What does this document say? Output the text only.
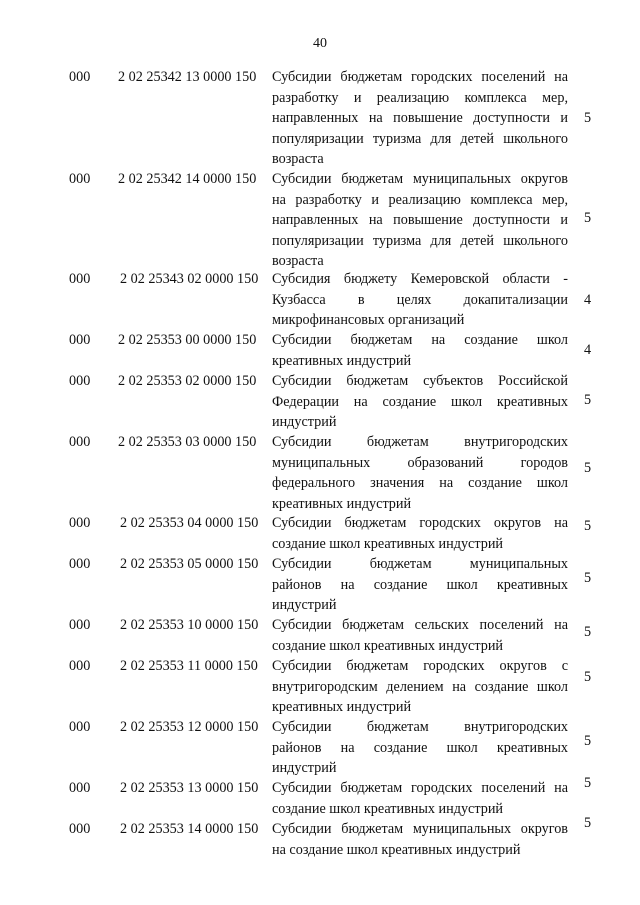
40
000 2 02 25342 13 0000 150 Субсидии бюджетам городских поселений на
разработку и реализацию комплекса мер,
направленных на повышение доступности и
популяризации туризма для детей школьного
возраста
5
000 2 02 25342 14 0000 150 Субсидии бюджетам муниципальных округов
на разработку и реализацию комплекса мер,
направленных на повышение доступности и
популяризации туризма для детей школьного
возраста
5
000 2 02 25343 02 0000 150 Субсидия бюджету Кемеровской области -
Кузбасса в целях докапитализации
микрофинансовых организаций
4
000 2 02 25353 00 0000 150 Субсидии бюджетам на создание школ
креативных индустрий
4
000 2 02 25353 02 0000 150 Субсидии бюджетам субъектов Российской
Федерации на создание школ креативных
индустрий
5
000 2 02 25353 03 0000 150 Субсидии бюджетам внутригородских
муниципальных образований городов
федерального значения на создание школ
креативных индустрий
5
000 2 02 25353 04 0000 150 Субсидии бюджетам городских округов на
создание школ креативных индустрий
5
000 2 02 25353 05 0000 150 Субсидии бюджетам муниципальных
районов на создание школ креативных
индустрий
5
000 2 02 25353 10 0000 150 Субсидии бюджетам сельских поселений на
создание школ креативных индустрий
5
000 2 02 25353 11 0000 150 Субсидии бюджетам городских округов с
внутригородским делением на создание школ
креативных индустрий
5
000 2 02 25353 12 0000 150 Субсидии бюджетам внутригородских
районов на создание школ креативных
индустрий
5
000 2 02 25353 13 0000 150 Субсидии бюджетам городских поселений на
создание школ креативных индустрий
5
000 2 02 25353 14 0000 150 Субсидии бюджетам муниципальных округов
на создание школ креативных индустрий
5
